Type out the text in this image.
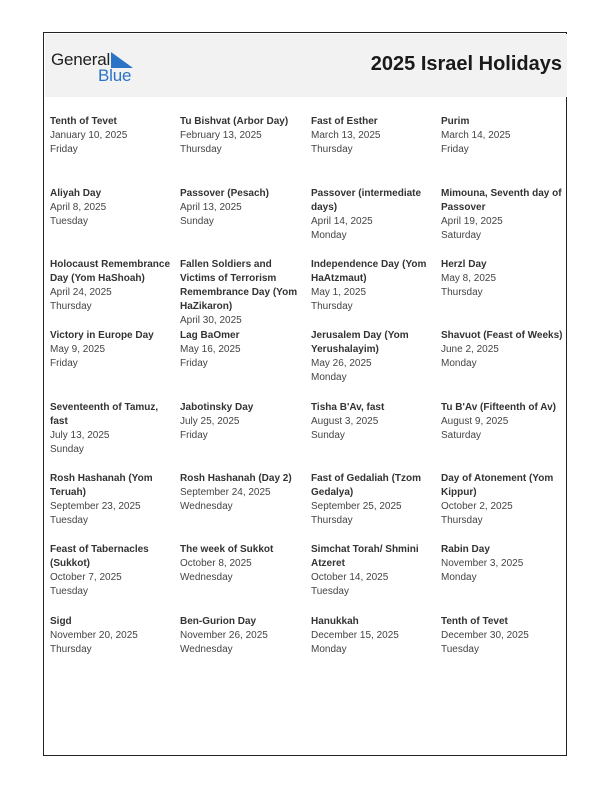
General
Blue
2025 Israel Holidays
Tenth of Tevet
January 10, 2025
Friday
Tu Bishvat (Arbor Day)
February 13, 2025
Thursday
Fast of Esther
March 13, 2025
Thursday
Purim
March 14, 2025
Friday
Aliyah Day
April 8, 2025
Tuesday
Passover (Pesach)
April 13, 2025
Sunday
Passover (intermediate days)
April 14, 2025
Monday
Mimouna, Seventh day of Passover
April 19, 2025
Saturday
Holocaust Remembrance Day (Yom HaShoah)
April 24, 2025
Thursday
Fallen Soldiers and Victims of Terrorism Remembrance Day (Yom HaZikaron)
April 30, 2025
Independence Day (Yom HaAtzmaut)
May 1, 2025
Thursday
Herzl Day
May 8, 2025
Thursday
Victory in Europe Day
May 9, 2025
Friday
Lag BaOmer
May 16, 2025
Friday
Jerusalem Day (Yom Yerushalayim)
May 26, 2025
Monday
Shavuot (Feast of Weeks)
June 2, 2025
Monday
Seventeenth of Tamuz, fast
July 13, 2025
Sunday
Jabotinsky Day
July 25, 2025
Friday
Tisha B'Av, fast
August 3, 2025
Sunday
Tu B'Av (Fifteenth of Av)
August 9, 2025
Saturday
Rosh Hashanah (Yom Teruah)
September 23, 2025
Tuesday
Rosh Hashanah (Day 2)
September 24, 2025
Wednesday
Fast of Gedaliah (Tzom Gedalya)
September 25, 2025
Thursday
Day of Atonement (Yom Kippur)
October 2, 2025
Thursday
Feast of Tabernacles (Sukkot)
October 7, 2025
Tuesday
The week of Sukkot
October 8, 2025
Wednesday
Simchat Torah/ Shmini Atzeret
October 14, 2025
Tuesday
Rabin Day
November 3, 2025
Monday
Sigd
November 20, 2025
Thursday
Ben-Gurion Day
November 26, 2025
Wednesday
Hanukkah
December 15, 2025
Monday
Tenth of Tevet
December 30, 2025
Tuesday
